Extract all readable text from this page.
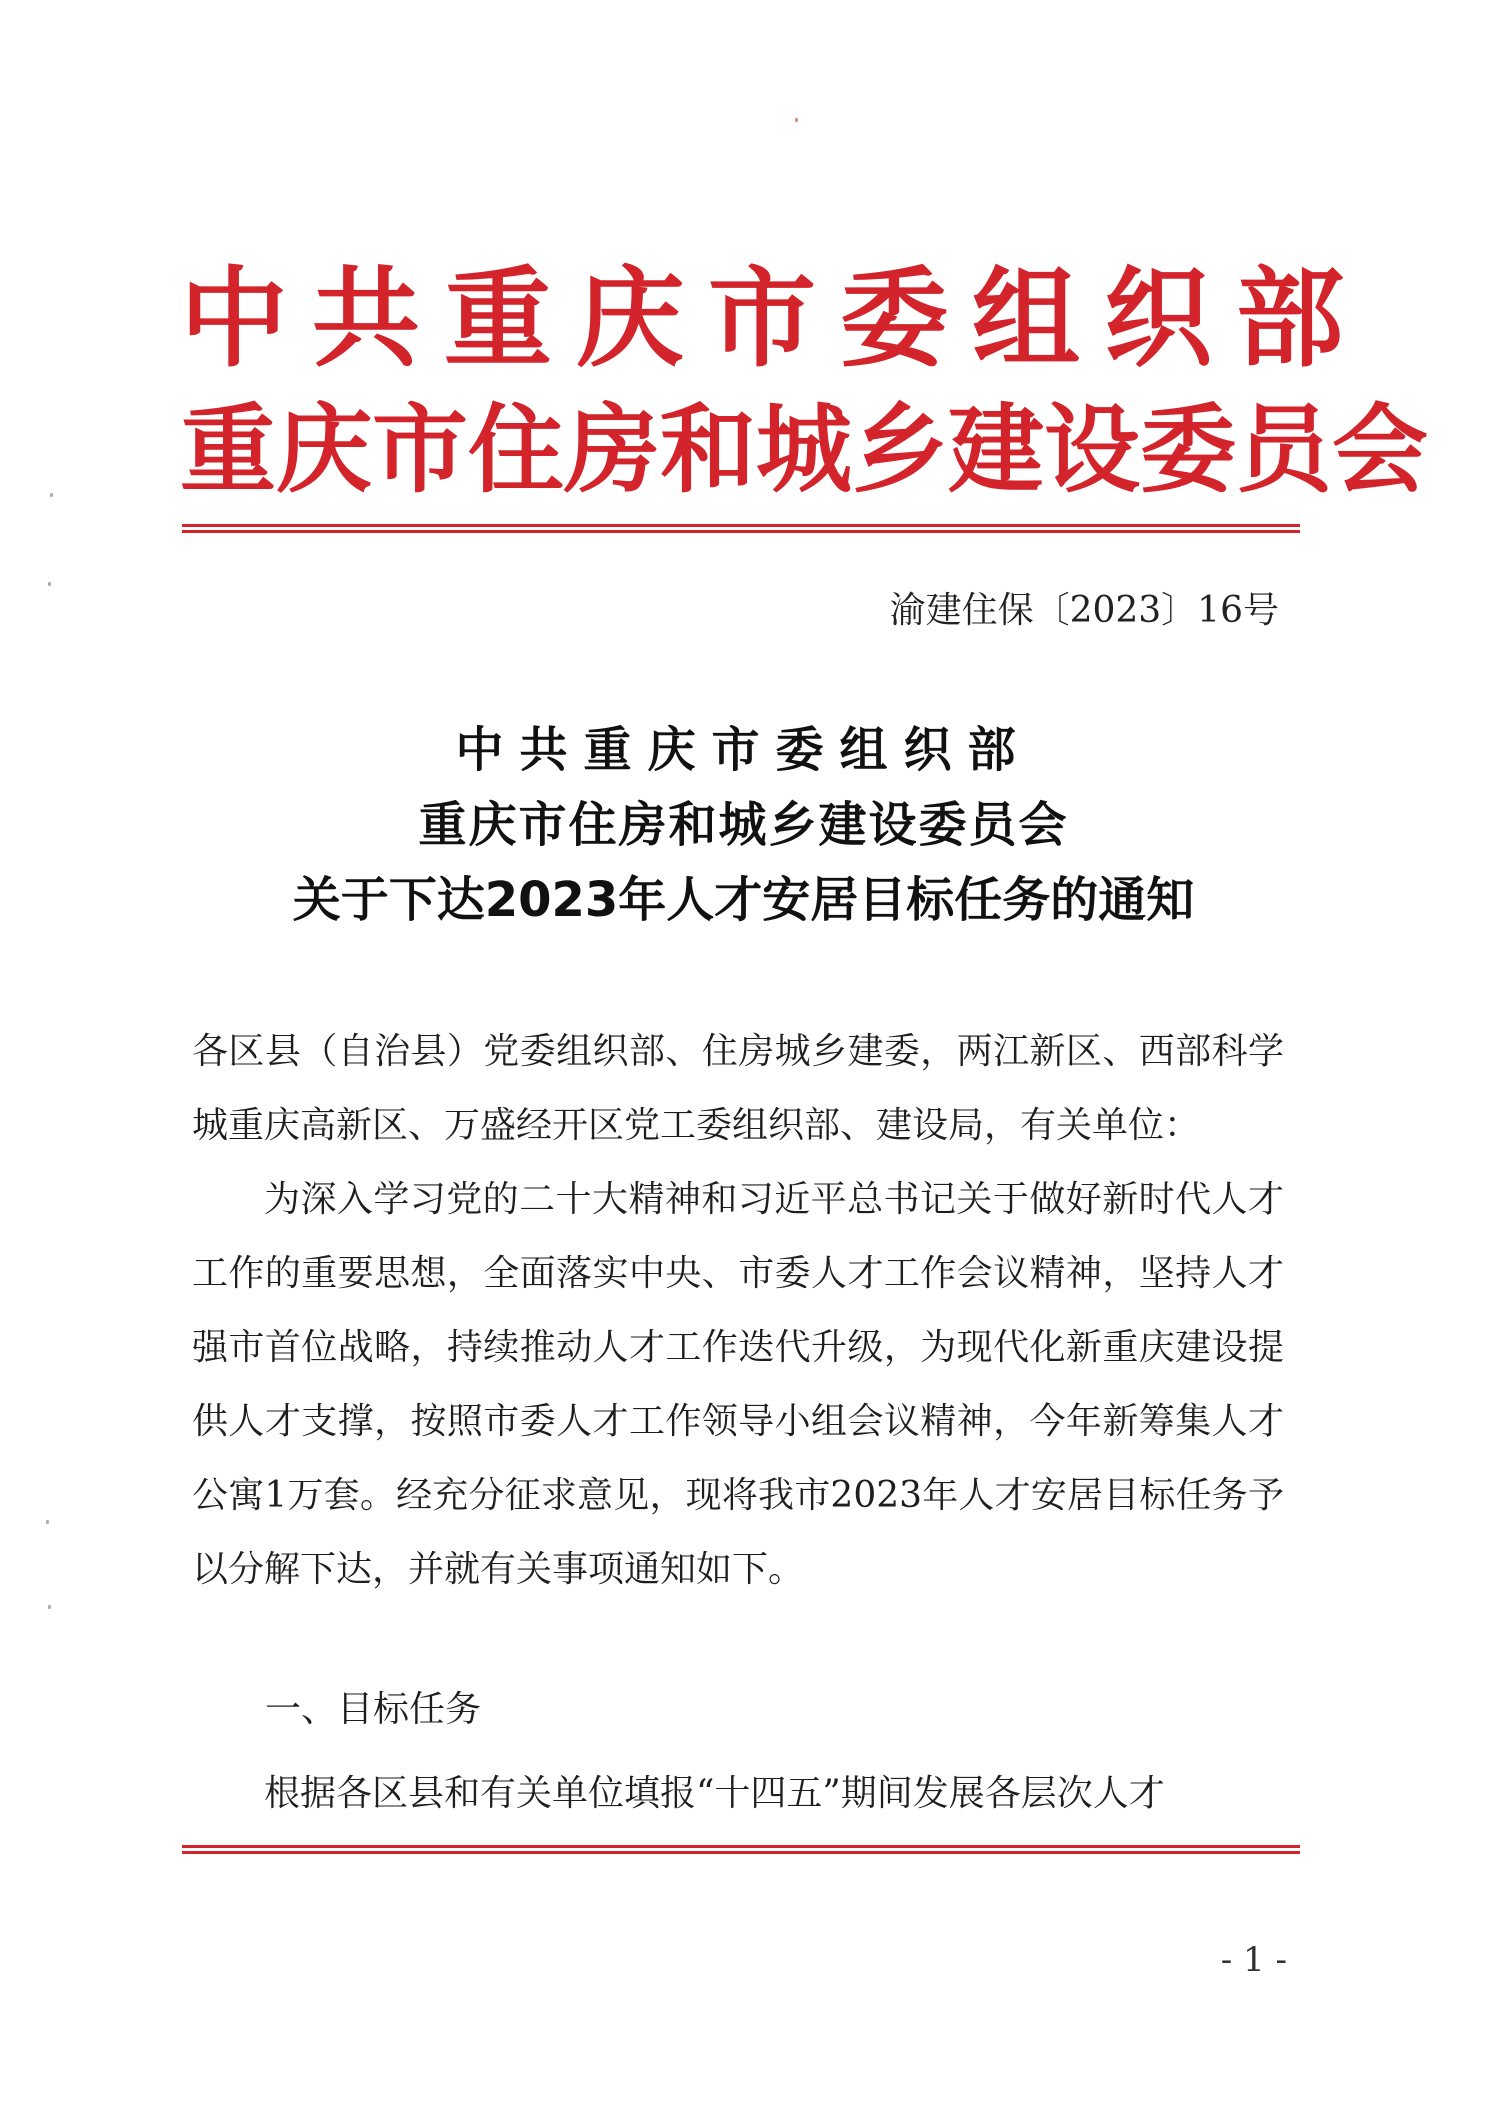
中共重庆市委组织部
重庆市住房和城乡建设委员会
渝建住保〔2023〕16号
中共重庆市委组织部
重庆市住房和城乡建设委员会
关于下达2023年人才安居目标任务的通知

各区县（自治县）党委组织部、住房城乡建委，两江新区、西部科学城重庆高新区、万盛经开区党工委组织部、建设局，有关单位：

为深入学习党的二十大精神和习近平总书记关于做好新时代人才工作的重要思想，全面落实中央、市委人才工作会议精神，坚持人才强市首位战略，持续推动人才工作迭代升级，为现代化新重庆建设提供人才支撑，按照市委人才工作领导小组会议精神，今年新筹集人才公寓1万套。经充分征求意见，现将我市2023年人才安居目标任务予以分解下达，并就有关事项通知如下。

一、目标任务

根据各区县和有关单位填报“十四五”期间发展各层次人才

- 1 -
